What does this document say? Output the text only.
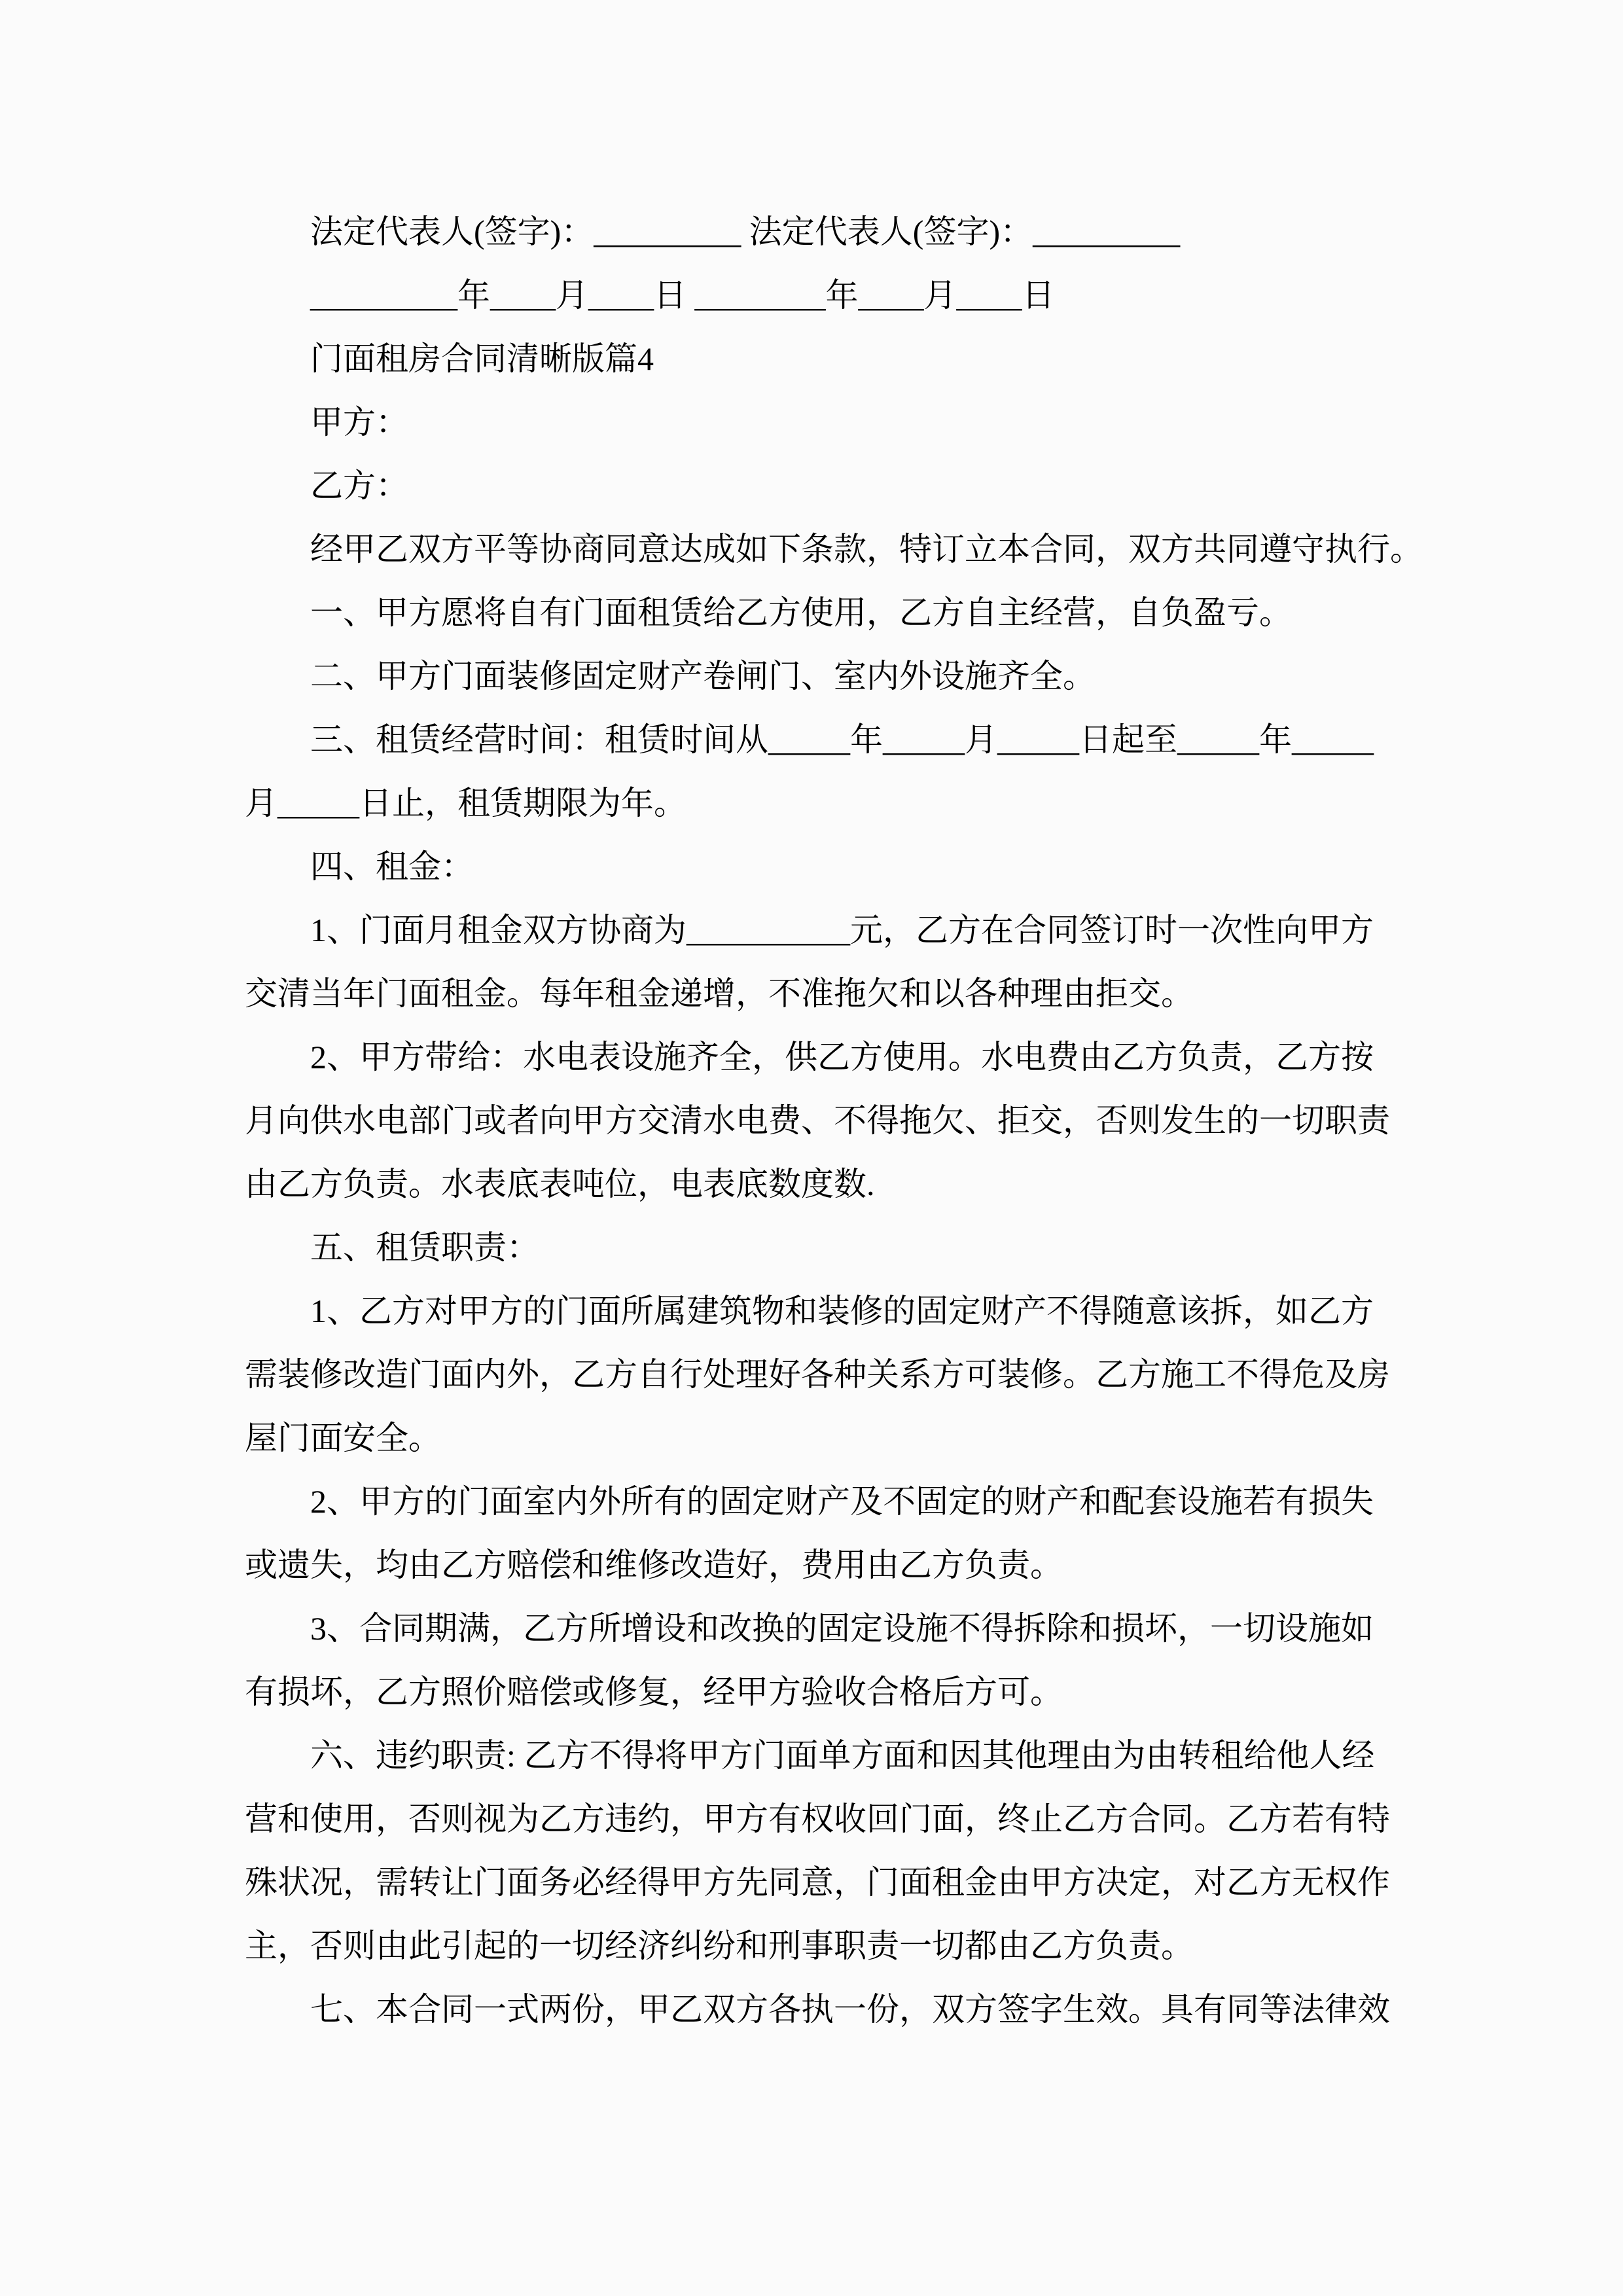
法定代表人(签字)：_________ 法定代表人(签字)：_________
_________年____月____日 ________年____月____日
门面租房合同清晰版篇4
甲方：
乙方：
经甲乙双方平等协商同意达成如下条款，特订立本合同，双方共同遵守执行。
一、甲方愿将自有门面租赁给乙方使用，乙方自主经营，自负盈亏。
二、甲方门面装修固定财产卷闸门、室内外设施齐全。
三、租赁经营时间：租赁时间从_____年_____月_____日起至_____年_____
月_____日止，租赁期限为年。
四、租金：
1、门面月租金双方协商为__________元，乙方在合同签订时一次性向甲方
交清当年门面租金。每年租金递增，不准拖欠和以各种理由拒交。
2、甲方带给：水电表设施齐全，供乙方使用。水电费由乙方负责，乙方按
月向供水电部门或者向甲方交清水电费、不得拖欠、拒交，否则发生的一切职责
由乙方负责。水表底表吨位，电表底数度数.
五、租赁职责：
1、乙方对甲方的门面所属建筑物和装修的固定财产不得随意该拆，如乙方
需装修改造门面内外，乙方自行处理好各种关系方可装修。乙方施工不得危及房
屋门面安全。
2、甲方的门面室内外所有的固定财产及不固定的财产和配套设施若有损失
或遗失，均由乙方赔偿和维修改造好，费用由乙方负责。
3、合同期满，乙方所增设和改换的固定设施不得拆除和损坏，一切设施如
有损坏，乙方照价赔偿或修复，经甲方验收合格后方可。
六、违约职责: 乙方不得将甲方门面单方面和因其他理由为由转租给他人经
营和使用，否则视为乙方违约，甲方有权收回门面，终止乙方合同。乙方若有特
殊状况，需转让门面务必经得甲方先同意，门面租金由甲方决定，对乙方无权作
主，否则由此引起的一切经济纠纷和刑事职责一切都由乙方负责。
七、本合同一式两份，甲乙双方各执一份，双方签字生效。具有同等法律效
